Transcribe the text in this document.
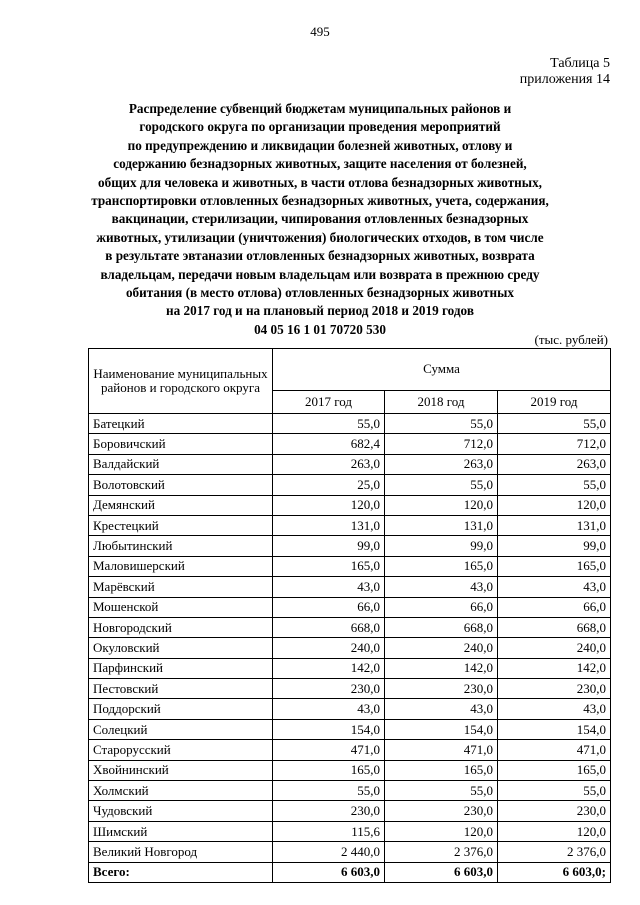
495
Таблица 5
приложения 14
Распределение субвенций бюджетам муниципальных районов и
городского округа по организации проведения мероприятий
по предупреждению и ликвидации болезней животных, отлову и
содержанию безнадзорных животных, защите населения от болезней,
общих для человека и животных, в части отлова безнадзорных животных,
транспортировки отловленных безнадзорных животных, учета, содержания,
вакцинации, стерилизации, чипирования отловленных безнадзорных
животных, утилизации (уничтожения) биологических отходов, в том числе
в результате эвтаназии отловленных безнадзорных животных, возврата
владельцам, передачи новым владельцам или возврата в прежнюю среду
обитания (в место отлова) отловленных безнадзорных животных
на 2017 год и на плановый период 2018 и 2019 годов
04 05 16 1 01 70720 530
(тыс. рублей)
Наименование муниципальных районов и городского округа	Сумма		
	2017 год	2018 год	2019 год
Батецкий	55,0	55,0	55,0
Боровичский	682,4	712,0	712,0
Валдайский	263,0	263,0	263,0
Волотовский	25,0	55,0	55,0
Демянский	120,0	120,0	120,0
Крестецкий	131,0	131,0	131,0
Любытинский	99,0	99,0	99,0
Маловишерский	165,0	165,0	165,0
Марёвский	43,0	43,0	43,0
Мошенской	66,0	66,0	66,0
Новгородский	668,0	668,0	668,0
Окуловский	240,0	240,0	240,0
Парфинский	142,0	142,0	142,0
Пестовский	230,0	230,0	230,0
Поддорский	43,0	43,0	43,0
Солецкий	154,0	154,0	154,0
Старорусский	471,0	471,0	471,0
Хвойнинский	165,0	165,0	165,0
Холмский	55,0	55,0	55,0
Чудовский	230,0	230,0	230,0
Шимский	115,6	120,0	120,0
Великий Новгород	2 440,0	2 376,0	2 376,0
Всего:	6 603,0	6 603,0	6 603,0;
